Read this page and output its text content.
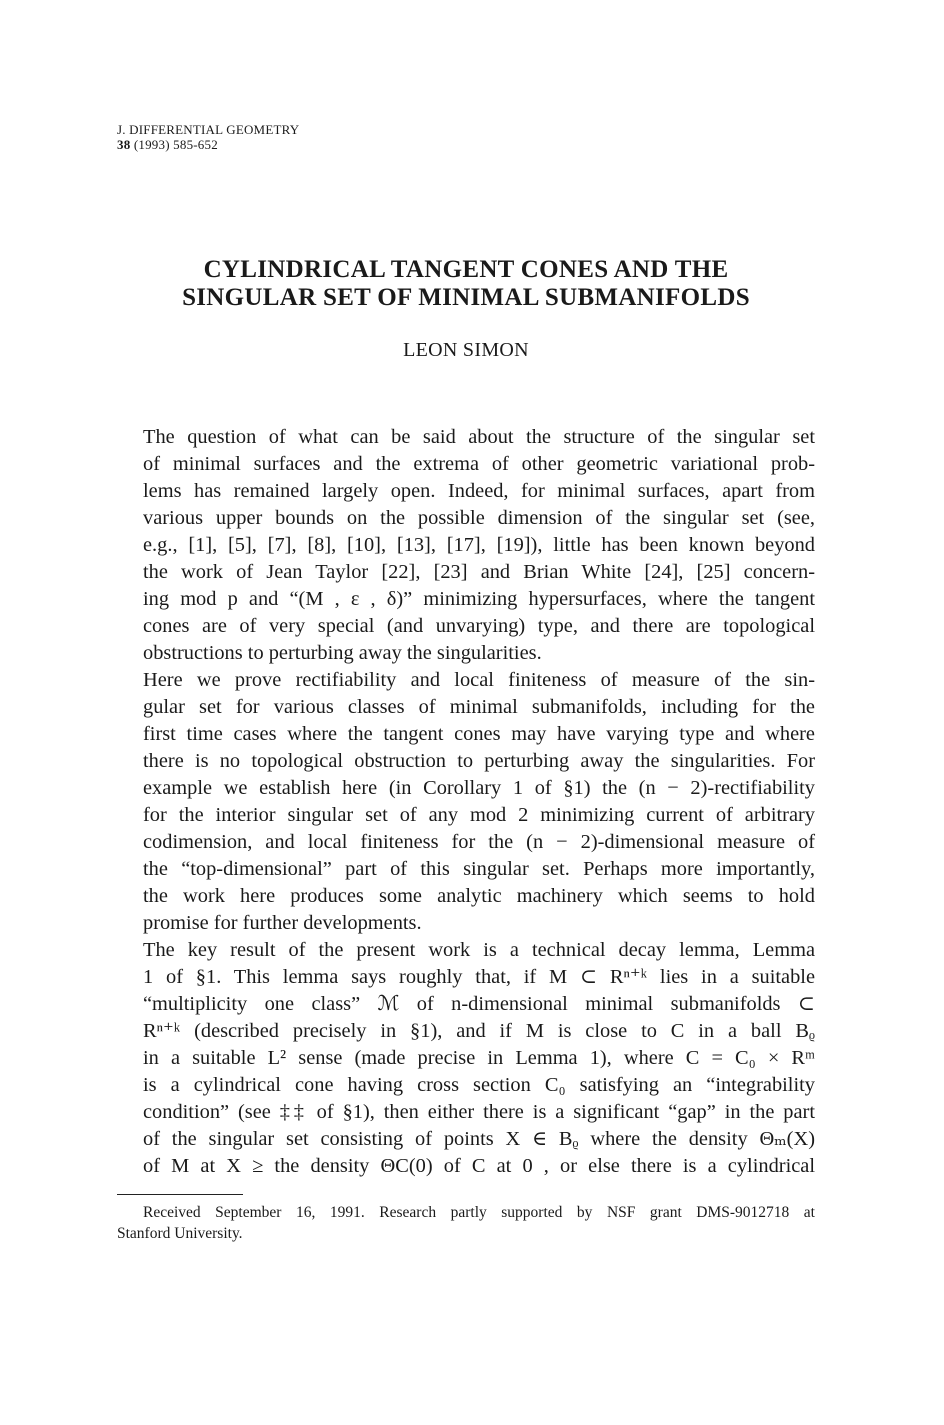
J. DIFFERENTIAL GEOMETRY
38 (1993) 585-652
CYLINDRICAL TANGENT CONES AND THE
SINGULAR SET OF MINIMAL SUBMANIFOLDS
LEON SIMON

The question of what can be said about the structure of the singular set
of minimal surfaces and the extrema of other geometric variational prob-
lems has remained largely open. Indeed, for minimal surfaces, apart from
various upper bounds on the possible dimension of the singular set (see,
e.g., [1], [5], [7], [8], [10], [13], [17], [19]), little has been known beyond
the work of Jean Taylor [22], [23] and Brian White [24], [25] concern-
ing mod p and “(M , ε , δ)” minimizing hypersurfaces, where the tangent
cones are of very special (and unvarying) type, and there are topological
obstructions to perturbing away the singularities.

Here we prove rectifiability and local finiteness of measure of the sin-
gular set for various classes of minimal submanifolds, including for the
first time cases where the tangent cones may have varying type and where
there is no topological obstruction to perturbing away the singularities. For
example we establish here (in Corollary 1 of §1) the (n − 2)-rectifiability
for the interior singular set of any mod 2 minimizing current of arbitrary
codimension, and local finiteness for the (n − 2)-dimensional measure of
the “top-dimensional” part of this singular set. Perhaps more importantly,
the work here produces some analytic machinery which seems to hold
promise for further developments.

The key result of the present work is a technical decay lemma, Lemma
1 of §1. This lemma says roughly that, if M ⊂ Rⁿ⁺ᵏ lies in a suitable
“multiplicity one class” ℳ of n-dimensional minimal submanifolds ⊂
Rⁿ⁺ᵏ (described precisely in §1), and if M is close to C in a ball Bᵨ
in a suitable L² sense (made precise in Lemma 1), where C = C₀ × Rᵐ
is a cylindrical cone having cross section C₀ satisfying an “integrability
condition” (see ‡‡ of §1), then either there is a significant “gap” in the part
of the singular set consisting of points X ∈ Bᵨ where the density Θₘ(X)
of M at X ≥ the density ΘC(0) of C at 0 , or else there is a cylindrical

Received September 16, 1991. Research partly supported by NSF grant DMS-9012718 at
Stanford University.
